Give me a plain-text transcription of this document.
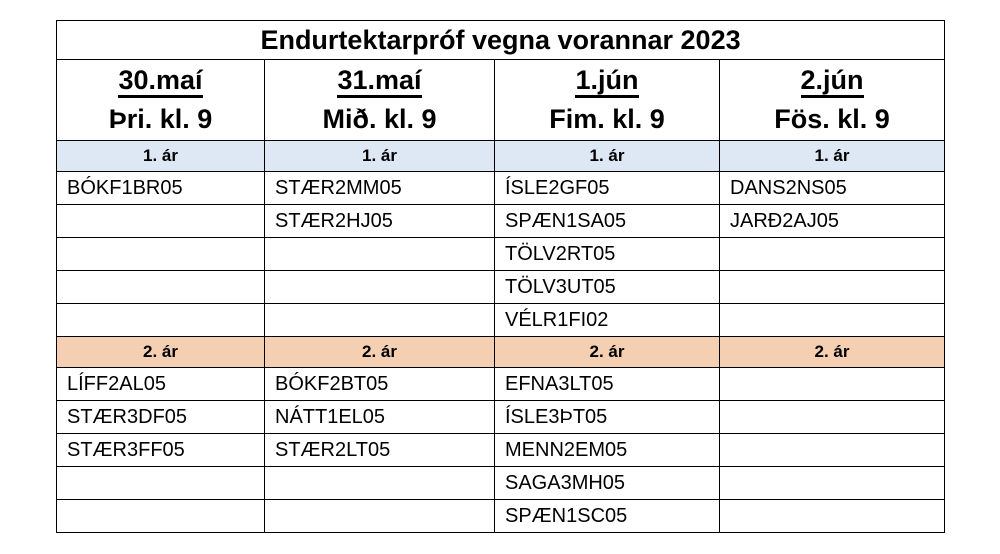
Endurtektarpróf vegna vorannar 2023			
30.maí	31.maí	1.jún	2.jún
Þri. kl. 9	Mið. kl. 9	Fim. kl. 9	Fös. kl. 9
1. ár	1. ár	1. ár	1. ár
BÓKF1BR05	STÆR2MM05	ÍSLE2GF05	DANS2NS05
	STÆR2HJ05	SPÆN1SA05	JARÐ2AJ05
		TÖLV2RT05	
		TÖLV3UT05	
		VÉLR1FI02	
2. ár	2. ár	2. ár	2. ár
LÍFF2AL05	BÓKF2BT05	EFNA3LT05	
STÆR3DF05	NÁTT1EL05	ÍSLE3ÞT05	
STÆR3FF05	STÆR2LT05	MENN2EM05	
		SAGA3MH05	
		SPÆN1SC05	
